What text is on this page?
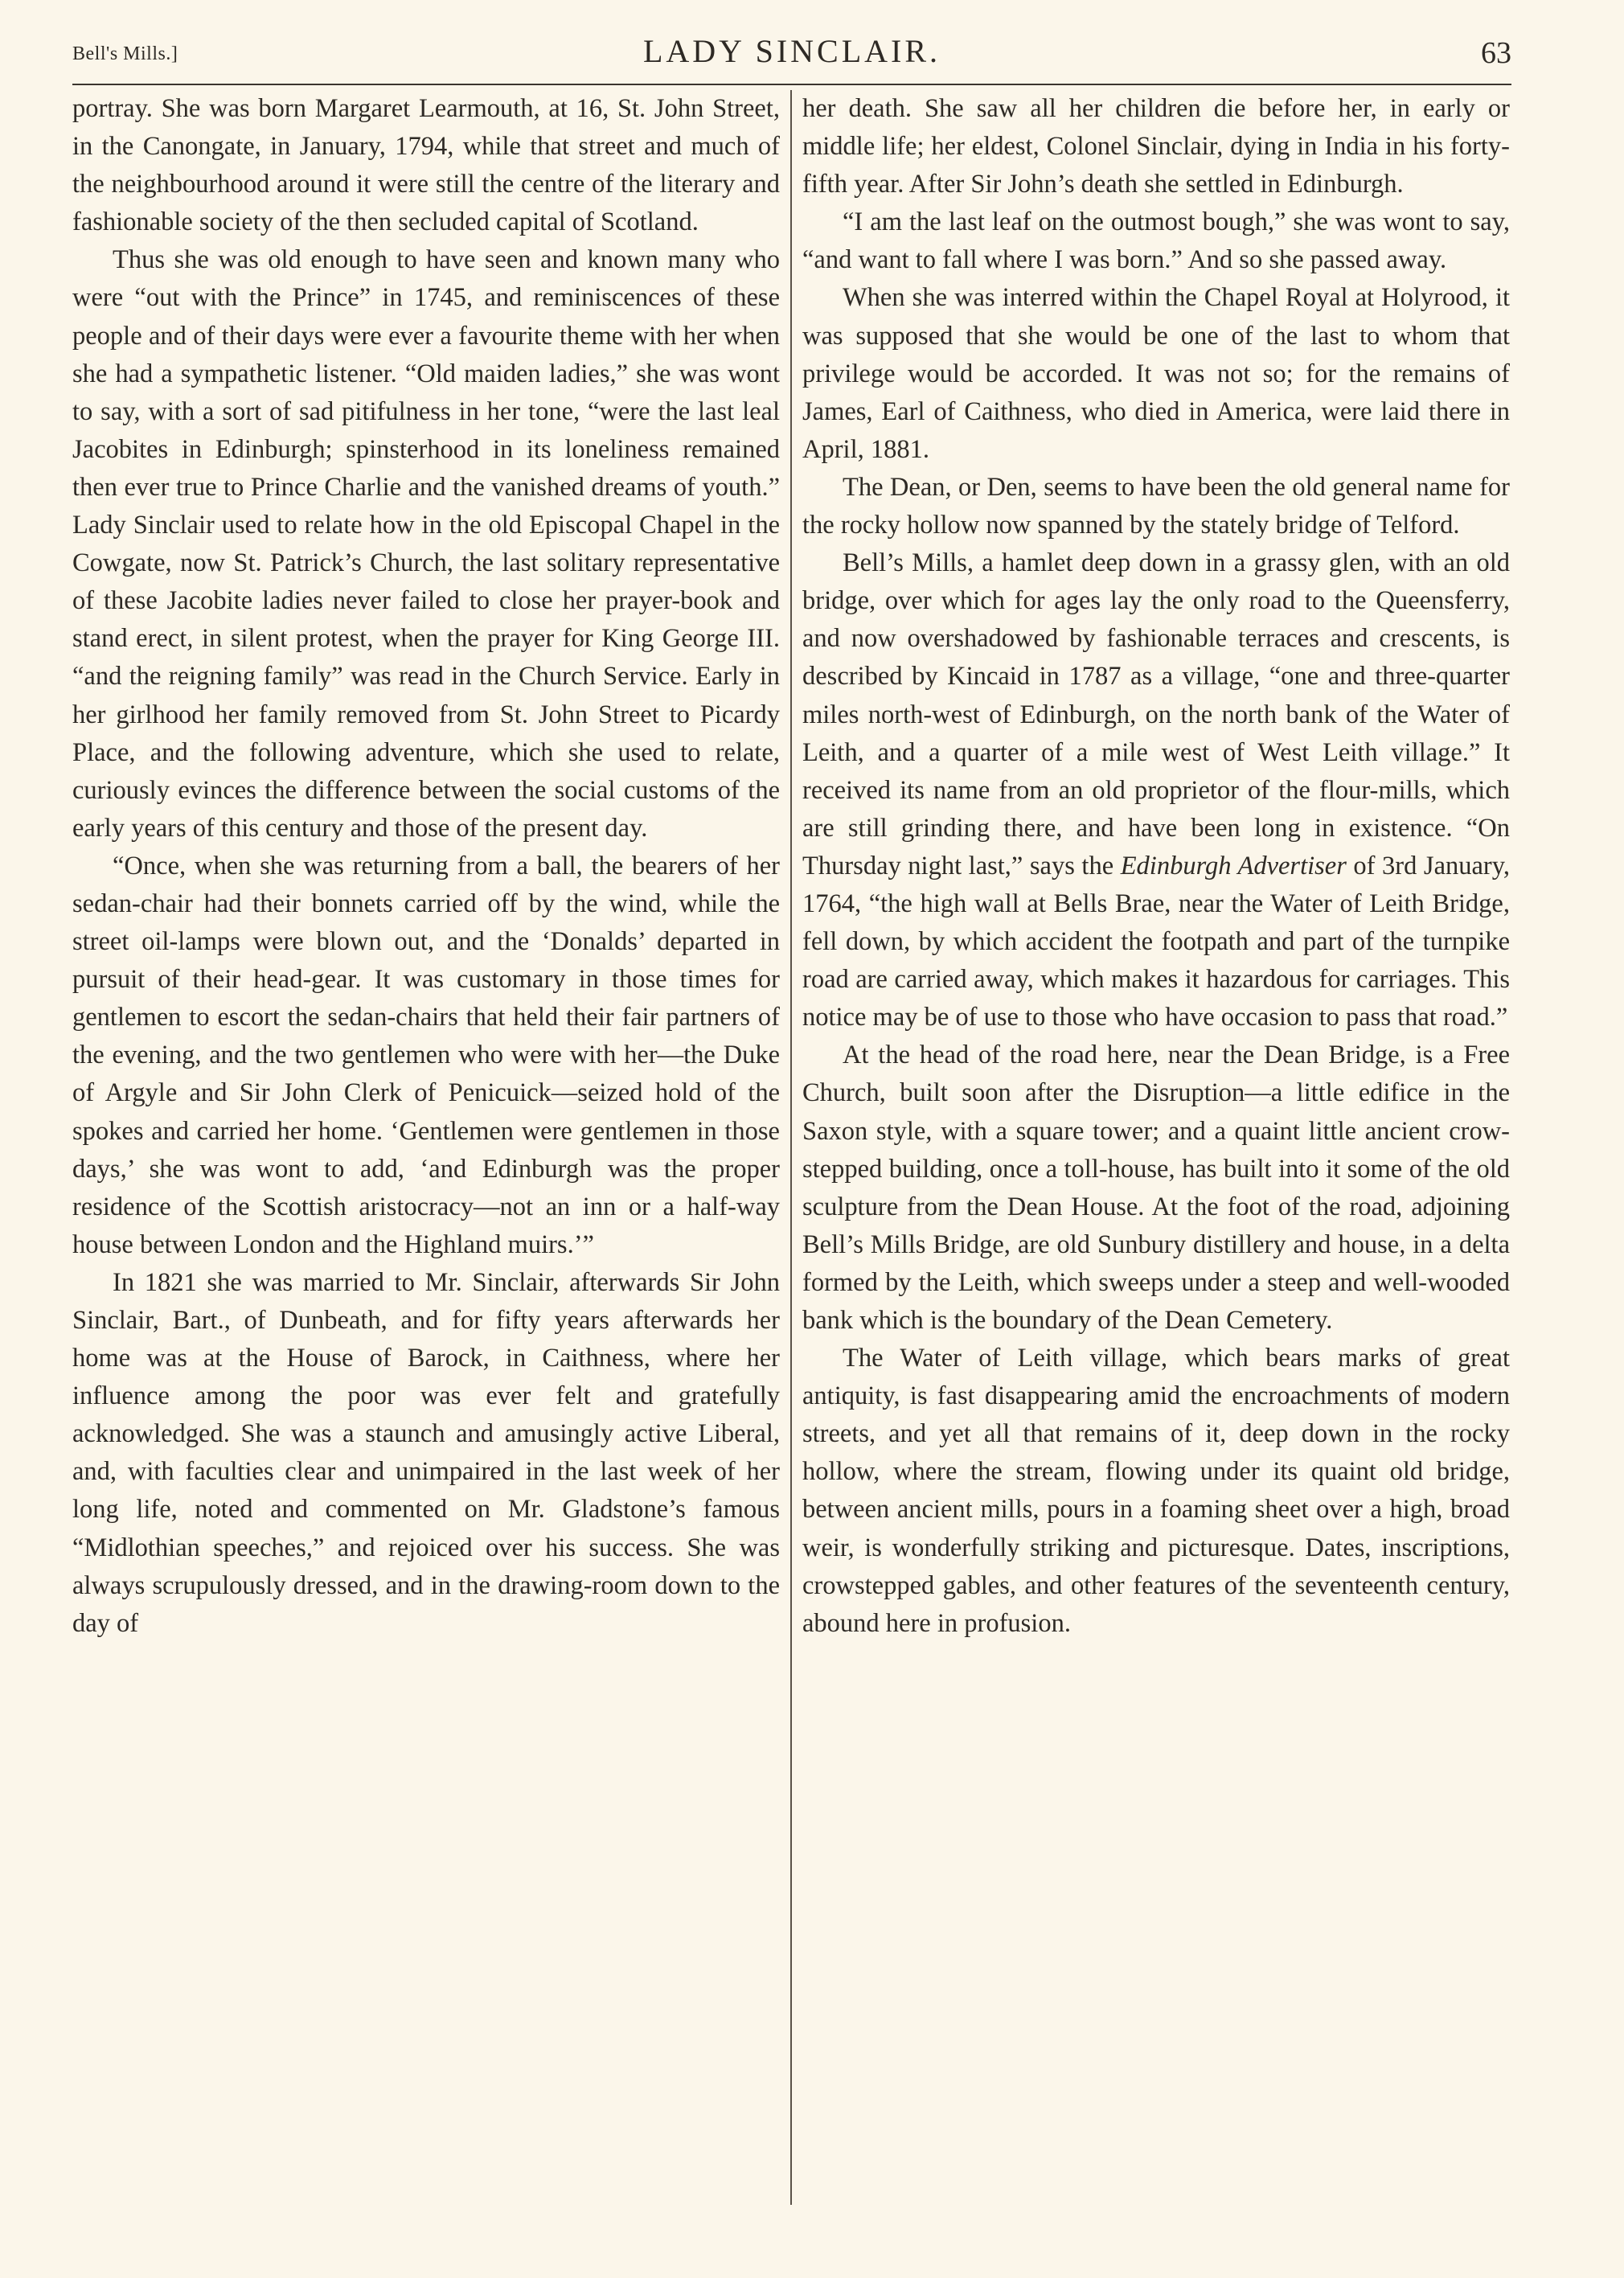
Bell's Mills.]	LADY SINCLAIR.	63

portray. She was born Margaret Learmouth, at 16, St. John Street, in the Canongate, in January, 1794, while that street and much of the neighbourhood around it were still the centre of the literary and fashionable society of the then secluded capital of Scotland.

Thus she was old enough to have seen and known many who were “out with the Prince” in 1745, and reminiscences of these people and of their days were ever a favourite theme with her when she had a sympathetic listener. “Old maiden ladies,” she was wont to say, with a sort of sad pitifulness in her tone, “were the last leal Jacobites in Edinburgh; spinsterhood in its loneliness remained then ever true to Prince Charlie and the vanished dreams of youth.” Lady Sinclair used to relate how in the old Episcopal Chapel in the Cowgate, now St. Patrick’s Church, the last solitary representative of these Jacobite ladies never failed to close her prayer-book and stand erect, in silent protest, when the prayer for King George III. “and the reigning family” was read in the Church Service. Early in her girlhood her family removed from St. John Street to Picardy Place, and the following adventure, which she used to relate, curiously evinces the difference between the social customs of the early years of this century and those of the present day.

“Once, when she was returning from a ball, the bearers of her sedan-chair had their bonnets carried off by the wind, while the street oil-lamps were blown out, and the ‘Donalds’ departed in pursuit of their head-gear. It was customary in those times for gentlemen to escort the sedan-chairs that held their fair partners of the evening, and the two gentlemen who were with her—the Duke of Argyle and Sir John Clerk of Penicuick—seized hold of the spokes and carried her home. ‘Gentlemen were gentlemen in those days,’ she was wont to add, ‘and Edinburgh was the proper residence of the Scottish aristocracy—not an inn or a half-way house between London and the Highland muirs.’”

In 1821 she was married to Mr. Sinclair, afterwards Sir John Sinclair, Bart., of Dunbeath, and for fifty years afterwards her home was at the House of Barock, in Caithness, where her influence among the poor was ever felt and gratefully acknowledged. She was a staunch and amusingly active Liberal, and, with faculties clear and unimpaired in the last week of her long life, noted and commented on Mr. Gladstone’s famous “Midlothian speeches,” and rejoiced over his success. She was always scrupulously dressed, and in the drawing-room down to the day of

her death. She saw all her children die before her, in early or middle life; her eldest, Colonel Sinclair, dying in India in his forty-fifth year. After Sir John’s death she settled in Edinburgh.

“I am the last leaf on the outmost bough,” she was wont to say, “and want to fall where I was born.” And so she passed away.

When she was interred within the Chapel Royal at Holyrood, it was supposed that she would be one of the last to whom that privilege would be accorded. It was not so; for the remains of James, Earl of Caithness, who died in America, were laid there in April, 1881.

The Dean, or Den, seems to have been the old general name for the rocky hollow now spanned by the stately bridge of Telford.

Bell’s Mills, a hamlet deep down in a grassy glen, with an old bridge, over which for ages lay the only road to the Queensferry, and now overshadowed by fashionable terraces and crescents, is described by Kincaid in 1787 as a village, “one and three-quarter miles north-west of Edinburgh, on the north bank of the Water of Leith, and a quarter of a mile west of West Leith village.” It received its name from an old proprietor of the flour-mills, which are still grinding there, and have been long in existence. “On Thursday night last,” says the Edinburgh Advertiser of 3rd January, 1764, “the high wall at Bells Brae, near the Water of Leith Bridge, fell down, by which accident the footpath and part of the turnpike road are carried away, which makes it hazardous for carriages. This notice may be of use to those who have occasion to pass that road.”

At the head of the road here, near the Dean Bridge, is a Free Church, built soon after the Disruption—a little edifice in the Saxon style, with a square tower; and a quaint little ancient crow-stepped building, once a toll-house, has built into it some of the old sculpture from the Dean House. At the foot of the road, adjoining Bell’s Mills Bridge, are old Sunbury distillery and house, in a delta formed by the Leith, which sweeps under a steep and well-wooded bank which is the boundary of the Dean Cemetery.

The Water of Leith village, which bears marks of great antiquity, is fast disappearing amid the encroachments of modern streets, and yet all that remains of it, deep down in the rocky hollow, where the stream, flowing under its quaint old bridge, between ancient mills, pours in a foaming sheet over a high, broad weir, is wonderfully striking and picturesque. Dates, inscriptions, crowstepped gables, and other features of the seventeenth century, abound here in profusion.
